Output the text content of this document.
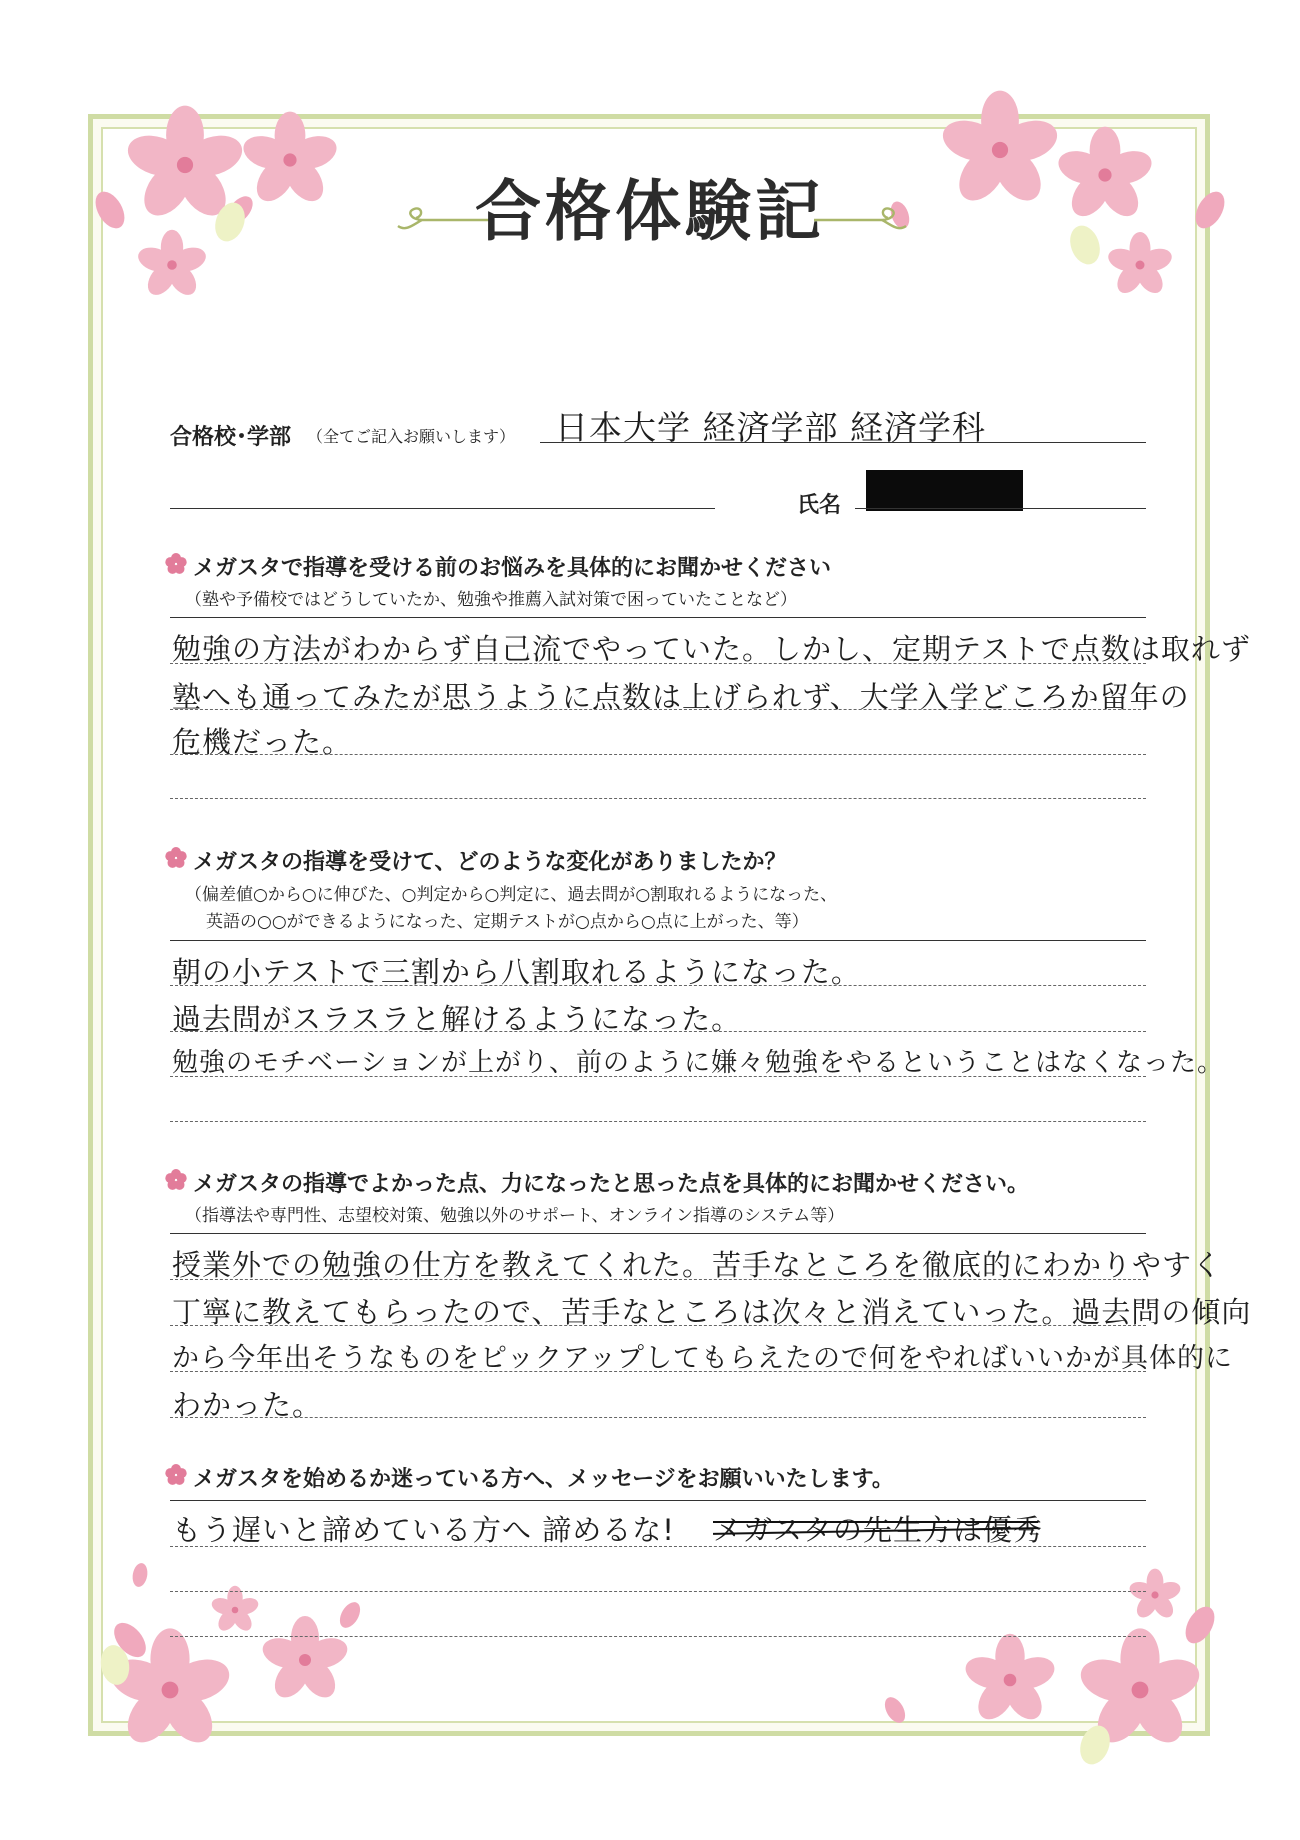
合格体験記
合格校･学部 （全てご記入お願いします） 日本大学 経済学部 経済学科
氏名
メガスタで指導を受ける前のお悩みを具体的にお聞かせください
（塾や予備校ではどうしていたか、勉強や推薦入試対策で困っていたことなど）
勉強の方法がわからず自己流でやっていた。しかし、定期テストで点数は取れず
塾へも通ってみたが思うように点数は上げられず、大学入学どころか留年の
危機だった。
メガスタの指導を受けて、どのような変化がありましたか？
（偏差値○から○に伸びた、○判定から○判定に、過去問が○割取れるようになった、
英語の○○ができるようになった、定期テストが○点から○点に上がった、等）
朝の小テストで三割から八割取れるようになった。
過去問がスラスラと解けるようになった。
勉強のモチベーションが上がり、前のように嫌々勉強をやるということはなくなった。
メガスタの指導でよかった点、力になったと思った点を具体的にお聞かせください。
（指導法や専門性、志望校対策、勉強以外のサポート、オンライン指導のシステム等）
授業外での勉強の仕方を教えてくれた。苦手なところを徹底的にわかりやすく
丁寧に教えてもらったので、苦手なところは次々と消えていった。過去問の傾向
から今年出そうなものをピックアップしてもらえたので何をやればいいかが具体的に
わかった。
メガスタを始めるか迷っている方へ、メッセージをお願いいたします。
もう遅いと諦めている方へ 諦めるな! メガスタの先生方は優秀
